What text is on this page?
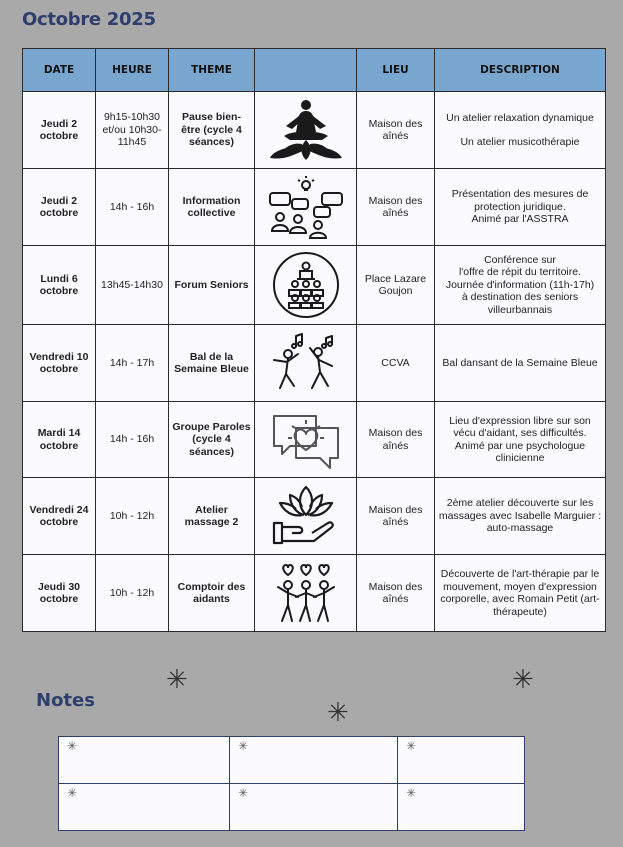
Octobre 2025
DATE	HEURE	THEME		LIEU	DESCRIPTION
Jeudi 2 octobre	9h15-10h30 et/ou 10h30-11h45	Pause bien- être (cycle 4 séances)		Maison des aînés	Un atelier relaxation dynamique
Un atelier musicothérapie

Jeudi 2 octobre	14h - 16h	Information collective		Maison des aînés	Présentation des mesures de protection juridique.
Animé par l'ASSTRA

Lundi 6 octobre	13h45-14h30	Forum Seniors		Place Lazare Goujon	Conférence sur
l'offre de répit du territoire.
Journée d'information (11h-17h)
à destination des seniors villeurbannais

Vendredi 10 octobre	14h - 17h	Bal de la Semaine Bleue		CCVA	Bal dansant de la Semaine Bleue

Mardi 14 octobre	14h - 16h	Groupe Paroles (cycle 4 séances)		Maison des aînés	Lieu d'expression libre sur son vécu d'aidant, ses difficultés.
Animé par une psychologue clinicienne

Vendredi 24 octobre	10h - 12h	Atelier massage 2		Maison des aînés	2ème atelier découverte sur les massages avec Isabelle Marguier : auto-massage

Jeudi 30 octobre	10h - 12h	Comptoir des aidants		Maison des aînés	Découverte de l'art-thérapie par le mouvement, moyen d'expression corporelle, avec Romain Petit (art-thérapeute)
✳
✳
✳
Notes
✳	✳	✳
✳	✳	✳
